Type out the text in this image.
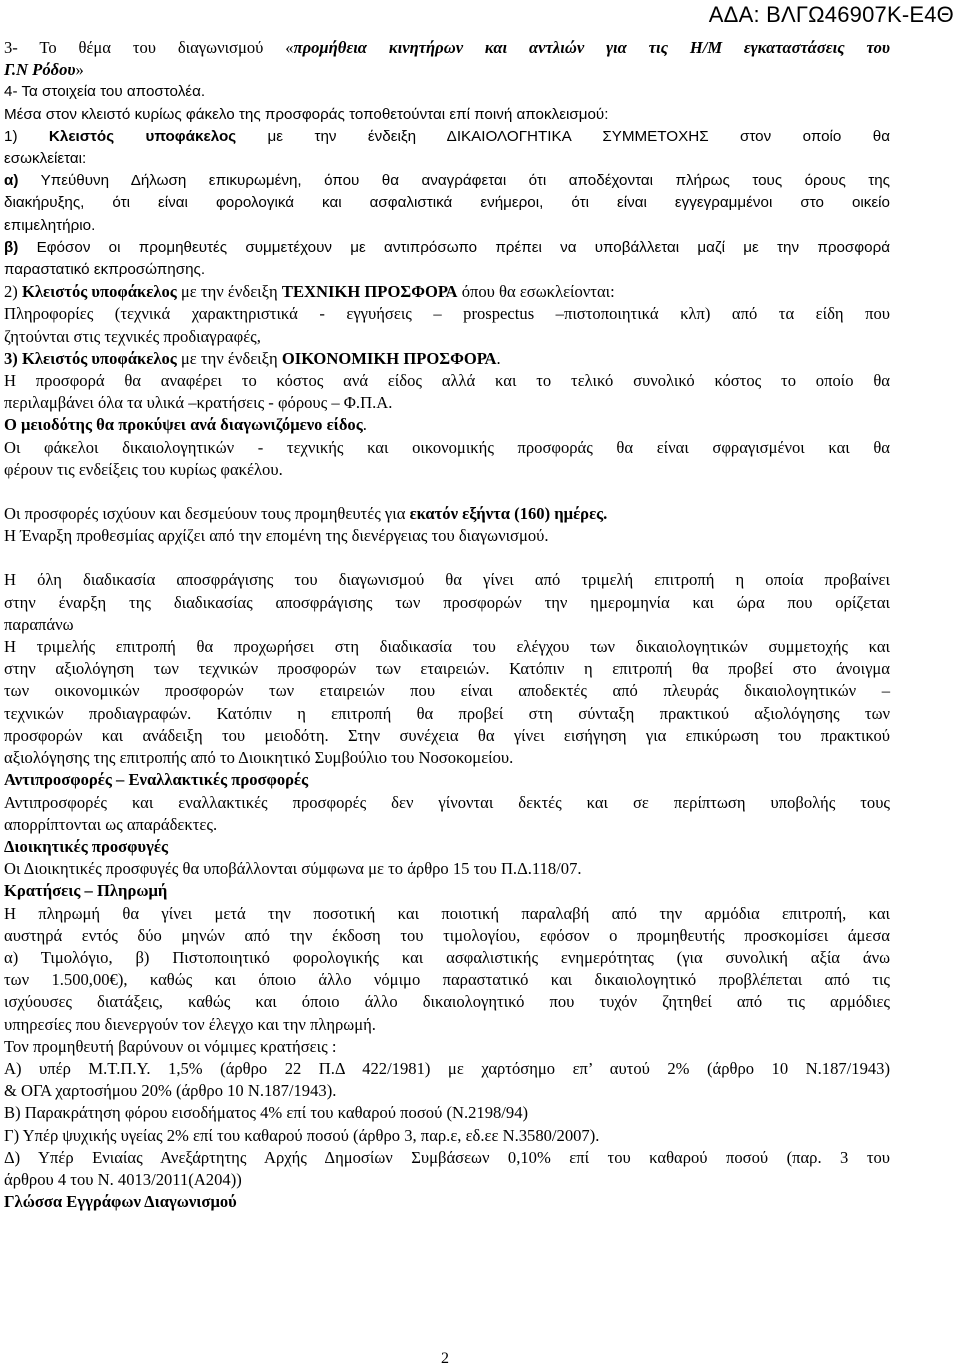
ΑΔΑ: ΒΛΓΩ46907Κ-Ε4Θ

3- Το θέμα του διαγωνισμού «προμήθεια κινητήρων και αντλιών για τις Η/Μ εγκαταστάσεις του

Γ.Ν Ρόδου»

4- Τα στοιχεία του αποστολέα.

Μέσα στον κλειστό κυρίως φάκελο της προσφοράς τοποθετούνται επί ποινή αποκλεισμού:

1) Κλειστός υποφάκελος με την ένδειξη ΔΙΚΑΙΟΛΟΓΗΤΙΚΑ ΣΥΜΜΕΤΟΧΗΣ στον οποίο θα

εσωκλείεται:

α) Υπεύθυνη Δήλωση επικυρωμένη, όπου θα αναγράφεται ότι αποδέχονται πλήρως τους όρους της

διακήρυξης, ότι είναι φορολογικά και ασφαλιστικά ενήμεροι, ότι είναι εγγεγραμμένοι στο οικείο

επιμελητήριο.

β) Εφόσον οι προμηθευτές συμμετέχουν με αντιπρόσωπο πρέπει να υποβάλλεται μαζί με την προσφορά

παραστατικό εκπροσώπησης.

2) Κλειστός υποφάκελος με την ένδειξη ΤΕΧΝΙΚΗ ΠΡΟΣΦΟΡΑ όπου θα εσωκλείονται:

Πληροφορίες (τεχνικά χαρακτηριστικά - εγγυήσεις – prospectus –πιστοποιητικά κλπ) από τα είδη που

ζητούνται στις τεχνικές προδιαγραφές,

3) Κλειστός υποφάκελος με την ένδειξη ΟΙΚΟΝΟΜΙΚΗ ΠΡΟΣΦΟΡΑ.

Η προσφορά θα αναφέρει το κόστος ανά είδος αλλά και το τελικό συνολικό κόστος το οποίο θα

περιλαμβάνει όλα τα υλικά –κρατήσεις - φόρους – Φ.Π.Α.

Ο μειοδότης θα προκύψει ανά διαγωνιζόμενο είδος.

Οι φάκελοι δικαιολογητικών - τεχνικής και οικονομικής προσφοράς θα είναι σφραγισμένοι και θα

φέρουν τις ενδείξεις του κυρίως φακέλου.

Οι προσφορές ισχύουν και δεσμεύουν τους προμηθευτές για εκατόν εξήντα (160) ημέρες.

Η Έναρξη προθεσμίας αρχίζει από την επομένη της διενέργειας του διαγωνισμού.

Η όλη διαδικασία αποσφράγισης του διαγωνισμού θα γίνει από τριμελή επιτροπή η οποία προβαίνει

στην έναρξη της διαδικασίας αποσφράγισης των προσφορών την ημερομηνία και ώρα που ορίζεται

παραπάνω

Η τριμελής επιτροπή θα προχωρήσει στη διαδικασία του ελέγχου των δικαιολογητικών συμμετοχής και

στην αξιολόγηση των τεχνικών προσφορών των εταιρειών. Κατόπιν η επιτροπή θα προβεί στο άνοιγμα

των οικονομικών προσφορών των εταιρειών που είναι αποδεκτές από πλευράς δικαιολογητικών –

τεχνικών προδιαγραφών. Κατόπιν η επιτροπή θα προβεί στη σύνταξη πρακτικού αξιολόγησης των

προσφορών και ανάδειξη του μειοδότη. Στην συνέχεια θα γίνει εισήγηση για επικύρωση του πρακτικού

αξιολόγησης της επιτροπής από το Διοικητικό Συμβούλιο του Νοσοκομείου.

Αντιπροσφορές – Εναλλακτικές προσφορές

Αντιπροσφορές και εναλλακτικές προσφορές δεν γίνονται δεκτές και σε περίπτωση υποβολής τους

απορρίπτονται ως απαράδεκτες.

Διοικητικές προσφυγές

Οι Διοικητικές προσφυγές θα υποβάλλονται σύμφωνα με το άρθρο 15 του Π.Δ.118/07.

Κρατήσεις – Πληρωμή

Η πληρωμή θα γίνει μετά την ποσοτική και ποιοτική παραλαβή από την αρμόδια επιτροπή, και

αυστηρά εντός δύο μηνών από την έκδοση του τιμολογίου, εφόσον ο προμηθευτής προσκομίσει άμεσα

α) Τιμολόγιο, β) Πιστοποιητικό φορολογικής και ασφαλιστικής ενημερότητας (για συνολική αξία άνω

των 1.500,00€), καθώς και όποιο άλλο νόμιμο παραστατικό και δικαιολογητικό προβλέπεται από τις

ισχύουσες διατάξεις, καθώς και όποιο άλλο δικαιολογητικό που τυχόν ζητηθεί από τις αρμόδιες

υπηρεσίες που διενεργούν τον έλεγχο και την πληρωμή.

Τον προμηθευτή βαρύνουν οι νόμιμες κρατήσεις :

Α) υπέρ Μ.Τ.Π.Υ. 1,5% (άρθρο 22 Π.Δ 422/1981) με χαρτόσημο επ’ αυτού 2% (άρθρο 10 Ν.187/1943)

& ΟΓΑ χαρτοσήμου 20% (άρθρο 10 Ν.187/1943).

Β) Παρακράτηση φόρου εισοδήματος 4% επί του καθαρού ποσού (Ν.2198/94)

Γ) Υπέρ ψυχικής υγείας 2% επί του καθαρού ποσού (άρθρο 3, παρ.ε, εδ.εε Ν.3580/2007).

Δ) Υπέρ Ενιαίας Ανεξάρτητης Αρχής Δημοσίων Συμβάσεων 0,10% επί του καθαρού ποσού (παρ. 3 του

άρθρου 4 του Ν. 4013/2011(Α204))

Γλώσσα Εγγράφων Διαγωνισμού

2
